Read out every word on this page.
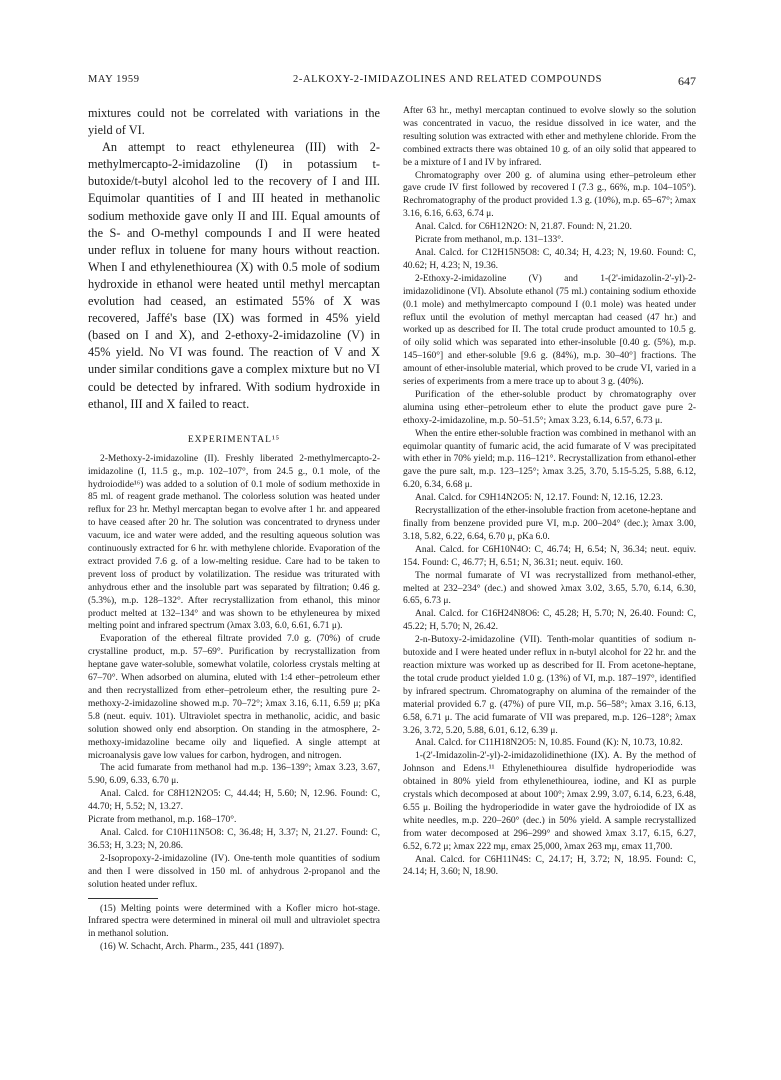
MAY 1959	2-ALKOXY-2-IMIDAZOLINES AND RELATED COMPOUNDS	647

mixtures could not be correlated with variations in the yield of VI.

An attempt to react ethyleneurea (III) with 2-methylmercapto-2-imidazoline (I) in potassium t-butoxide/t-butyl alcohol led to the recovery of I and III. Equimolar quantities of I and III heated in methanolic sodium methoxide gave only II and III. Equal amounts of the S- and O-methyl compounds I and II were heated under reflux in toluene for many hours without reaction. When I and ethylenethiourea (X) with 0.5 mole of sodium hydroxide in ethanol were heated until methyl mercaptan evolution had ceased, an estimated 55% of X was recovered, Jaffé's base (IX) was formed in 45% yield (based on I and X), and 2-ethoxy-2-imidazoline (V) in 45% yield. No VI was found. The reaction of V and X under similar conditions gave a complex mixture but no VI could be detected by infrared. With sodium hydroxide in ethanol, III and X failed to react.

EXPERIMENTAL¹⁵

2-Methoxy-2-imidazoline (II). Freshly liberated 2-methylmercapto-2-imidazoline (I, 11.5 g., m.p. 102–107°, from 24.5 g., 0.1 mole, of the hydroiodide¹⁶) was added to a solution of 0.1 mole of sodium methoxide in 85 ml. of reagent grade methanol. The colorless solution was heated under reflux for 23 hr. Methyl mercaptan began to evolve after 1 hr. and appeared to have ceased after 20 hr. The solution was concentrated to dryness under vacuum, ice and water were added, and the resulting aqueous solution was continuously extracted for 6 hr. with methylene chloride. Evaporation of the extract provided 7.6 g. of a low-melting residue. Care had to be taken to prevent loss of product by volatilization. The residue was triturated with anhydrous ether and the insoluble part was separated by filtration; 0.46 g. (5.3%), m.p. 128–132°. After recrystallization from ethanol, this minor product melted at 132–134° and was shown to be ethyleneurea by mixed melting point and infrared spectrum (λmax 3.03, 6.0, 6.61, 6.71 μ).

Evaporation of the ethereal filtrate provided 7.0 g. (70%) of crude crystalline product, m.p. 57–69°. Purification by recrystallization from heptane gave water-soluble, somewhat volatile, colorless crystals melting at 67–70°. When adsorbed on alumina, eluted with 1:4 ether–petroleum ether and then recrystallized from ether–petroleum ether, the resulting pure 2-methoxy-2-imidazoline showed m.p. 70–72°; λmax 3.16, 6.11, 6.59 μ; pKa 5.8 (neut. equiv. 101). Ultraviolet spectra in methanolic, acidic, and basic solution showed only end absorption. On standing in the atmosphere, 2-methoxy-imidazoline became oily and liquefied. A single attempt at microanalysis gave low values for carbon, hydrogen, and nitrogen.

The acid fumarate from methanol had m.p. 136–139°; λmax 3.23, 3.67, 5.90, 6.09, 6.33, 6.70 μ.

Anal. Calcd. for C8H12N2O5: C, 44.44; H, 5.60; N, 12.96. Found: C, 44.70; H, 5.52; N, 13.27.

Picrate from methanol, m.p. 168–170°.

Anal. Calcd. for C10H11N5O8: C, 36.48; H, 3.37; N, 21.27. Found: C, 36.53; H, 3.23; N, 20.86.

2-Isopropoxy-2-imidazoline (IV). One-tenth mole quantities of sodium and then I were dissolved in 150 ml. of anhydrous 2-propanol and the solution heated under reflux.

(15) Melting points were determined with a Kofler micro hot-stage. Infrared spectra were determined in mineral oil mull and ultraviolet spectra in methanol solution.

(16) W. Schacht, Arch. Pharm., 235, 441 (1897).

After 63 hr., methyl mercaptan continued to evolve slowly so the solution was concentrated in vacuo, the residue dissolved in ice water, and the resulting solution was extracted with ether and methylene chloride. From the combined extracts there was obtained 10 g. of an oily solid that appeared to be a mixture of I and IV by infrared.

Chromatography over 200 g. of alumina using ether–petroleum ether gave crude IV first followed by recovered I (7.3 g., 66%, m.p. 104–105°). Rechromatography of the product provided 1.3 g. (10%), m.p. 65–67°; λmax 3.16, 6.16, 6.63, 6.74 μ.

Anal. Calcd. for C6H12N2O: N, 21.87. Found: N, 21.20.

Picrate from methanol, m.p. 131–133°.

Anal. Calcd. for C12H15N5O8: C, 40.34; H, 4.23; N, 19.60. Found: C, 40.62; H, 4.23; N, 19.36.

2-Ethoxy-2-imidazoline (V) and 1-(2'-imidazolin-2'-yl)-2-imidazolidinone (VI). Absolute ethanol (75 ml.) containing sodium ethoxide (0.1 mole) and methylmercapto compound I (0.1 mole) was heated under reflux until the evolution of methyl mercaptan had ceased (47 hr.) and worked up as described for II. The total crude product amounted to 10.5 g. of oily solid which was separated into ether-insoluble [0.40 g. (5%), m.p. 145–160°] and ether-soluble [9.6 g. (84%), m.p. 30–40°] fractions. The amount of ether-insoluble material, which proved to be crude VI, varied in a series of experiments from a mere trace up to about 3 g. (40%).

Purification of the ether-soluble product by chromatography over alumina using ether–petroleum ether to elute the product gave pure 2-ethoxy-2-imidazoline, m.p. 50–51.5°; λmax 3.23, 6.14, 6.57, 6.73 μ.

When the entire ether-soluble fraction was combined in methanol with an equimolar quantity of fumaric acid, the acid fumarate of V was precipitated with ether in 70% yield; m.p. 116–121°. Recrystallization from ethanol-ether gave the pure salt, m.p. 123–125°; λmax 3.25, 3.70, 5.15-5.25, 5.88, 6.12, 6.20, 6.34, 6.68 μ.

Anal. Calcd. for C9H14N2O5: N, 12.17. Found: N, 12.16, 12.23.

Recrystallization of the ether-insoluble fraction from acetone-heptane and finally from benzene provided pure VI, m.p. 200–204° (dec.); λmax 3.00, 3.18, 5.82, 6.22, 6.64, 6.70 μ, pKa 6.0.

Anal. Calcd. for C6H10N4O: C, 46.74; H, 6.54; N, 36.34; neut. equiv. 154. Found: C, 46.77; H, 6.51; N, 36.31; neut. equiv. 160.

The normal fumarate of VI was recrystallized from methanol-ether, melted at 232–234° (dec.) and showed λmax 3.02, 3.65, 5.70, 6.14, 6.30, 6.65, 6.73 μ.

Anal. Calcd. for C16H24N8O6: C, 45.28; H, 5.70; N, 26.40. Found: C, 45.22; H, 5.70; N, 26.42.

2-n-Butoxy-2-imidazoline (VII). Tenth-molar quantities of sodium n-butoxide and I were heated under reflux in n-butyl alcohol for 22 hr. and the reaction mixture was worked up as described for II. From acetone-heptane, the total crude product yielded 1.0 g. (13%) of VI, m.p. 187–197°, identified by infrared spectrum. Chromatography on alumina of the remainder of the material provided 6.7 g. (47%) of pure VII, m.p. 56–58°; λmax 3.16, 6.13, 6.58, 6.71 μ. The acid fumarate of VII was prepared, m.p. 126–128°; λmax 3.26, 3.72, 5.20, 5.88, 6.01, 6.12, 6.39 μ.

Anal. Calcd. for C11H18N2O5: N, 10.85. Found (K): N, 10.73, 10.82.

1-(2'-Imidazolin-2'-yl)-2-imidazolidinethione (IX). A. By the method of Johnson and Edens.¹¹ Ethylenethiourea disulfide hydroperiodide was obtained in 80% yield from ethylenethiourea, iodine, and KI as purple crystals which decomposed at about 100°; λmax 2.99, 3.07, 6.14, 6.23, 6.48, 6.55 μ. Boiling the hydroperiodide in water gave the hydroiodide of IX as white needles, m.p. 220–260° (dec.) in 50% yield. A sample recrystallized from water decomposed at 296–299° and showed λmax 3.17, 6.15, 6.27, 6.52, 6.72 μ; λmax 222 mμ, εmax 25,000, λmax 263 mμ, εmax 11,700.

Anal. Calcd. for C6H11N4S: C, 24.17; H, 3.72; N, 18.95. Found: C, 24.14; H, 3.60; N, 18.90.
